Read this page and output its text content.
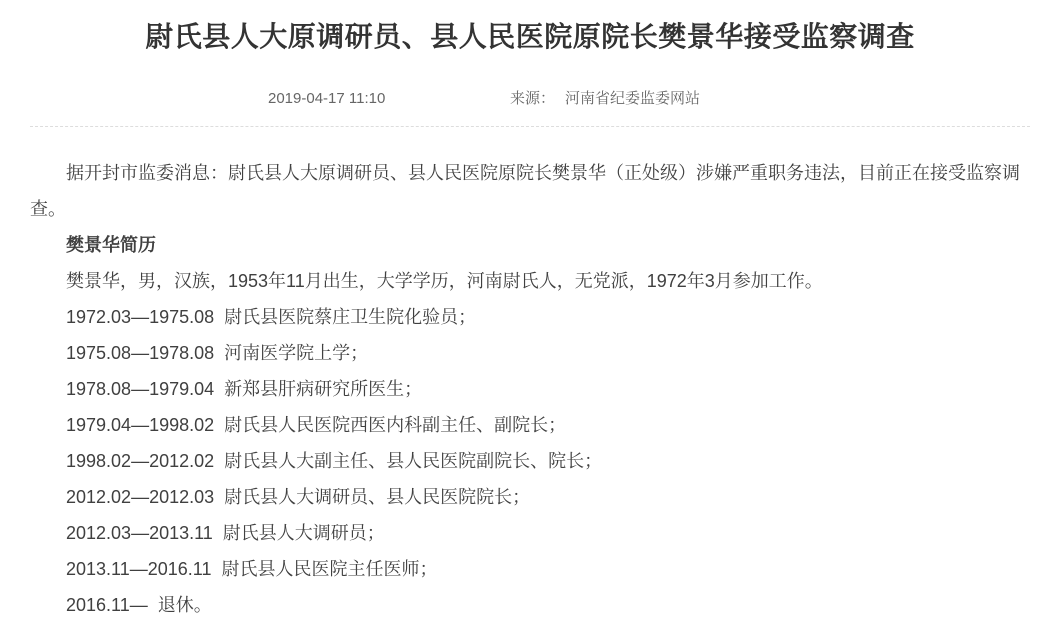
尉氏县人大原调研员、县人民医院原院长樊景华接受监察调查
2019-04-17 11:10	来源： 河南省纪委监委网站

据开封市监委消息：尉氏县人大原调研员、县人民医院原院长樊景华（正处级）涉嫌严重职务违法，目前正在接受监察调查。

樊景华简历

樊景华，男，汉族，1953年11月出生，大学学历，河南尉氏人，无党派，1972年3月参加工作。

1972.03—1975.08  尉氏县医院蔡庄卫生院化验员；

1975.08—1978.08  河南医学院上学；

1978.08—1979.04  新郑县肝病研究所医生；

1979.04—1998.02  尉氏县人民医院西医内科副主任、副院长；

1998.02—2012.02  尉氏县人大副主任、县人民医院副院长、院长；

2012.02—2012.03  尉氏县人大调研员、县人民医院院长；

2012.03—2013.11  尉氏县人大调研员；

2013.11—2016.11  尉氏县人民医院主任医师；

2016.11—  退休。
